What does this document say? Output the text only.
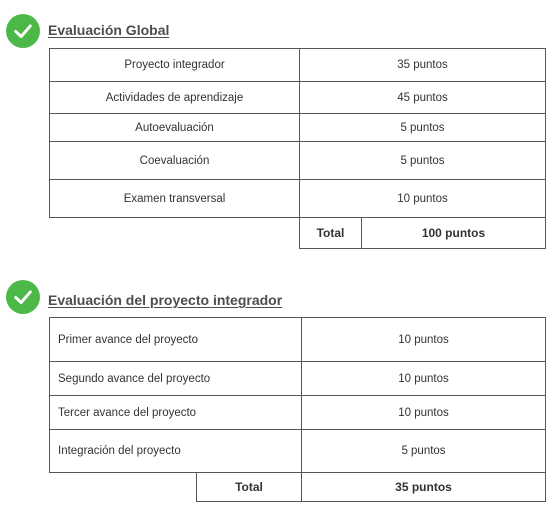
Evaluación Global
Proyecto integrador	35 puntos
Actividades de aprendizaje	45 puntos
Autoevaluación	5 puntos
Coevaluación	5 puntos
Examen transversal	10 puntos
Total	100 puntos
Evaluación del proyecto integrador
Primer avance del proyecto	10 puntos
Segundo avance del proyecto	10 puntos
Tercer avance del proyecto	10 puntos
Integración del proyecto	5 puntos
Total	35 puntos
